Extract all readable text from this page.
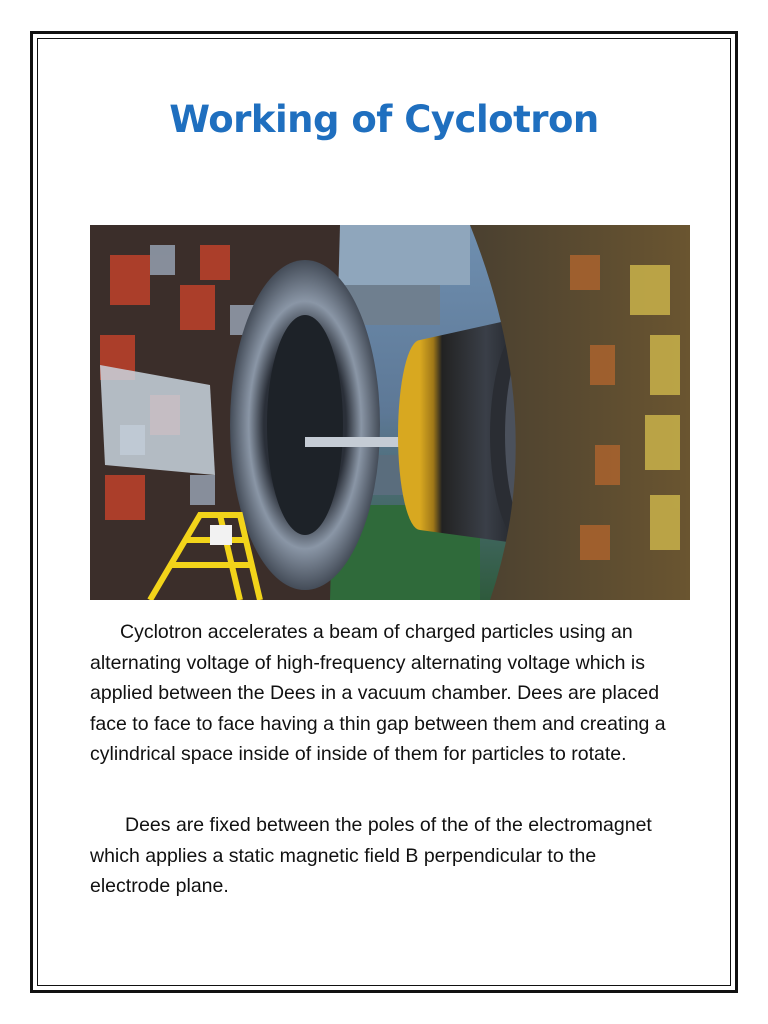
Working of Cyclotron

Cyclotron accelerates a beam of charged particles using an alternating voltage of high-frequency alternating voltage which is applied between the Dees in a vacuum chamber. Dees are placed face to face to face having a thin gap between them and creating a cylindrical space inside of inside of them for particles to rotate.

Dees are fixed between the poles of the of the electromagnet which applies a static magnetic field B perpendicular to the electrode plane.
